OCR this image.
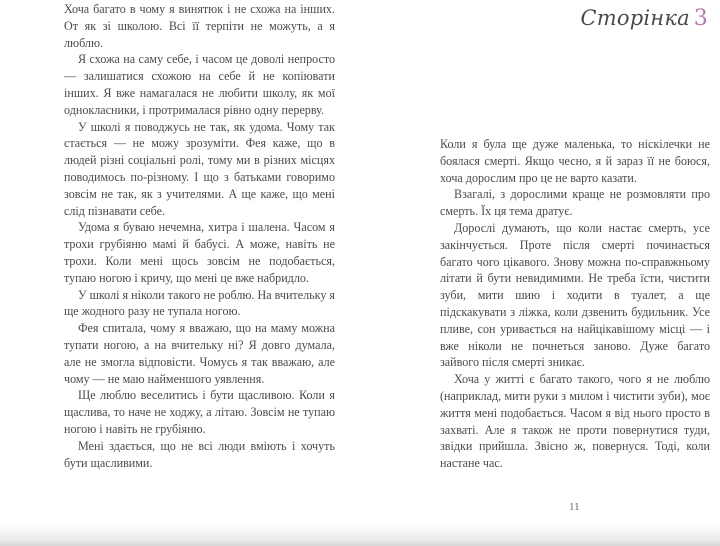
Хоча багато в чому я винятюк і не схожа на інших. От як зі школою. Всі її терпіти не можуть, а я люблю.

Я схожа на саму себе, і часом це доволі непросто — залишатися схожою на себе й не копіювати інших. Я вже намагалася не любити школу, як мої однокласники, і протрималася рівно одну перерву.

У школі я поводжусь не так, як удома. Чому так стається — не можу зрозуміти. Фея каже, що в людей різні соціальні ролі, тому ми в різних місцях поводимось по-різному. І що з батьками говоримо зовсім не так, як з учителями. А ще каже, що мені слід пізнавати себе.

Удома я буваю нечемна, хитра і шалена. Часом я трохи грубіяню мамі й бабусі. А може, навіть не трохи. Коли мені щось зовсім не подобається, тупаю ногою і кричу, що мені це вже набридло.

У школі я ніколи такого не роблю. На вчительку я ще жодного разу не тупала ногою.

Фея спитала, чому я вважаю, що на маму можна тупати ногою, а на вчительку ні? Я довго думала, але не змогла відповісти. Чомусь я так вважаю, але чому — не маю найменшого уявлення.

Ще люблю веселитись і бути щасливою. Коли я щаслива, то наче не ходжу, а літаю. Зовсім не тупаю ногою і навіть не грубіяню.

Мені здається, що не всі люди вміють і хочуть бути щасливими.

Сторінка 3

Коли я була ще дуже маленька, то ніскілечки не боялася смерті. Якщо чесно, я й зараз її не боюся, хоча дорослим про це не варто казати.

Взагалі, з дорослими краще не розмовляти про смерть. Їх ця тема дратує.

Дорослі думають, що коли настає смерть, усе закінчується. Проте після смерті починається багато чого цікавого. Знову можна по-справжньому літати й бути невидимими. Не треба їсти, чистити зуби, мити шию і ходити в туалет, а ще підскакувати з ліжка, коли дзвенить будильник. Усе пливе, сон уривається на найцікавішому місці — і вже ніколи не почнеться заново. Дуже багато зайвого після смерті зникає.

Хоча у житті є багато такого, чого я не люблю (наприклад, мити руки з милом і чистити зуби), моє життя мені подобається. Часом я від нього просто в захваті. Але я також не проти повернутися туди, звідки прийшла. Звісно ж, повернуся. Тоді, коли настане час.

11
